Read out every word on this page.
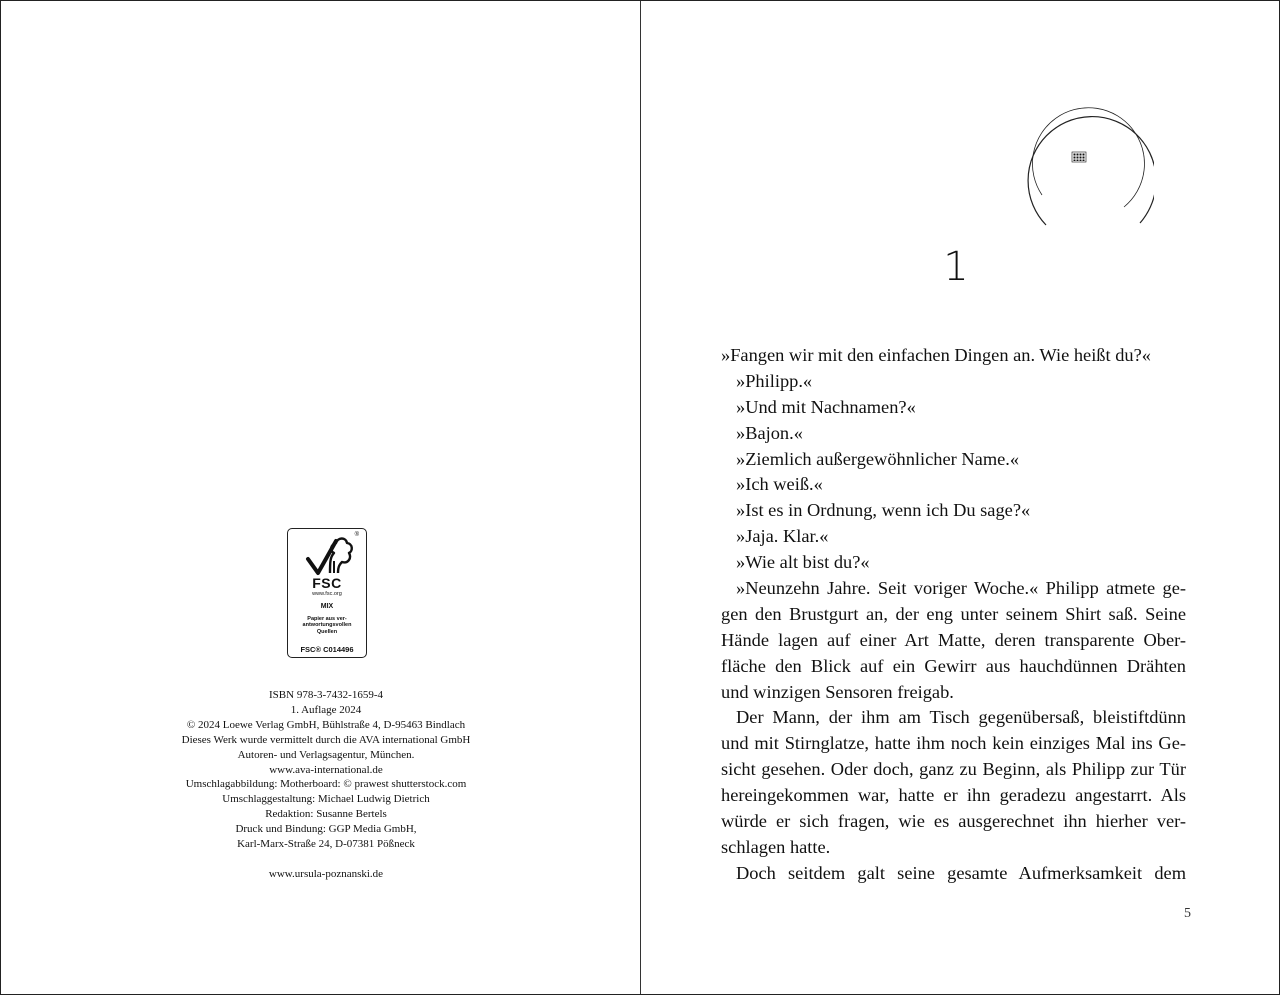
®
FSC
www.fsc.org
MIX
Papier aus ver-
antwortungsvollen
Quellen
FSC® C014496
ISBN 978-3-7432-1659-4
1. Auflage 2024
© 2024 Loewe Verlag GmbH, Bühlstraße 4, D-95463 Bindlach
Dieses Werk wurde vermittelt durch die AVA international GmbH
Autoren- und Verlagsagentur, München.
www.ava-international.de
Umschlagabbildung: Motherboard: © prawest shutterstock.com
Umschlaggestaltung: Michael Ludwig Dietrich
Redaktion: Susanne Bertels
Druck und Bindung: GGP Media GmbH,
Karl-Marx-Straße 24, D-07381 Pößneck
www.ursula-poznanski.de
1
»Fangen wir mit den einfachen Dingen an. Wie heißt du?«
»Philipp.«
»Und mit Nachnamen?«
»Bajon.«
»Ziemlich außergewöhnlicher Name.«
»Ich weiß.«
»Ist es in Ordnung, wenn ich Du sage?«
»Jaja. Klar.«
»Wie alt bist du?«
»Neunzehn Jahre. Seit voriger Woche.« Philipp atmete ge-
gen den Brustgurt an, der eng unter seinem Shirt saß. Seine
Hände lagen auf einer Art Matte, deren transparente Ober-
fläche den Blick auf ein Gewirr aus hauchdünnen Drähten
und winzigen Sensoren freigab.
Der Mann, der ihm am Tisch gegenübersaß, bleistiftdünn
und mit Stirnglatze, hatte ihm noch kein einziges Mal ins Ge-
sicht gesehen. Oder doch, ganz zu Beginn, als Philipp zur Tür
hereingekommen war, hatte er ihn geradezu angestarrt. Als
würde er sich fragen, wie es ausgerechnet ihn hierher ver-
schlagen hatte.
Doch seitdem galt seine gesamte Aufmerksamkeit dem
5
